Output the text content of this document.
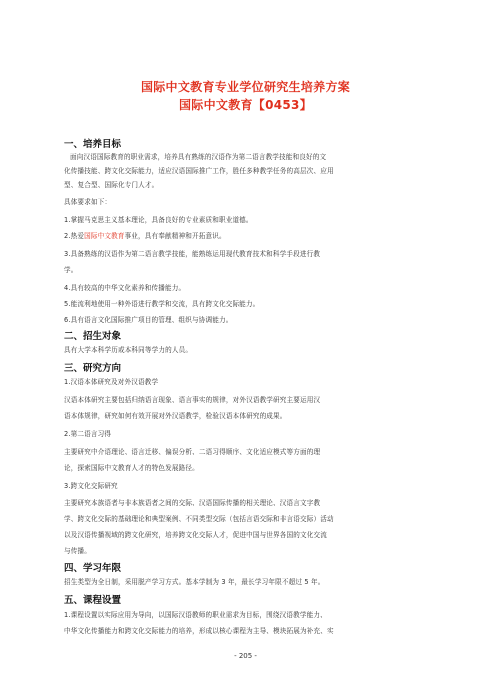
国际中文教育专业学位研究生培养方案
国际中文教育【0453】
一、培养目标
面向汉语国际教育的职业需求，培养具有熟练的汉语作为第二语言教学技能和良好的文
化传播技能、跨文化交际能力，适应汉语国际推广工作，胜任多种教学任务的高层次、应用
型、复合型、国际化专门人才。
具体要求如下：
1.掌握马克思主义基本理论，具备良好的专业素质和职业道德。
2.热爱国际中文教育事业，具有奉献精神和开拓意识。
3.具备熟练的汉语作为第二语言教学技能，能熟练运用现代教育技术和科学手段进行教
学。
4.具有较高的中华文化素养和传播能力。
5.能流利地使用一种外语进行教学和交流，具有跨文化交际能力。
6.具有语言文化国际推广项目的管理、组织与协调能力。
二、招生对象
具有大学本科学历或本科同等学力的人员。
三、研究方向
1.汉语本体研究及对外汉语教学
汉语本体研究主要包括归纳语言现象、语言事实的规律，对外汉语教学研究主要运用汉
语本体规律，研究如何有效开展对外汉语教学，检验汉语本体研究的成果。
2.第二语言习得
主要研究中介语理论、语言迁移、偏误分析、二语习得顺序、文化适应模式等方面的理
论，探索国际中文教育人才的特色发展路径。
3.跨文化交际研究
主要研究本族语者与非本族语者之间的交际、汉语国际传播的相关理论、汉语言文字教
学、跨文化交际的基础理论和典型案例、不同类型交际（包括言语交际和非言语交际）活动
以及汉语传播视域的跨文化研究，培养跨文化交际人才，促进中国与世界各国的文化交流
与传播。
四、学习年限
招生类型为全日制，采用脱产学习方式。基本学制为 3 年，最长学习年限不超过 5 年。
五、课程设置
1.课程设置以实际应用为导向，以国际汉语教师的职业需求为目标，围绕汉语教学能力、
中华文化传播能力和跨文化交际能力的培养，形成以核心课程为主导、模块拓展为补充、实
- 205 -
